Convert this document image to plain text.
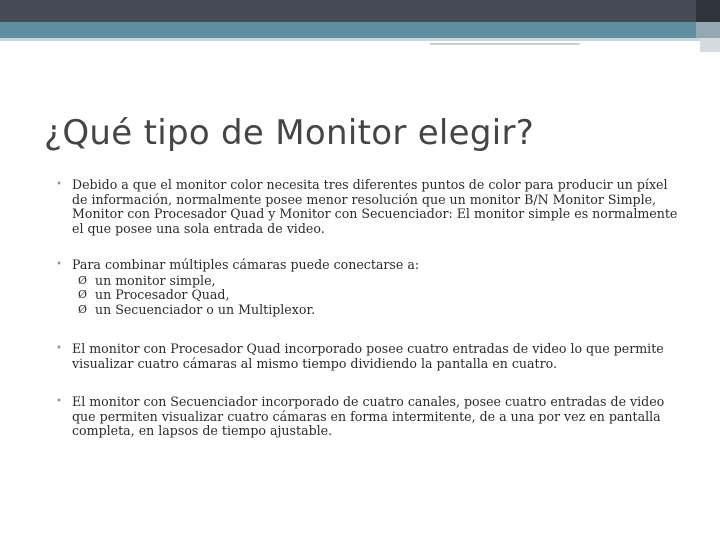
¿Qué tipo de Monitor elegir?

• Debido a que el monitor color necesita tres diferentes puntos de color para producir un píxel de información, normalmente posee menor resolución que un monitor B/N Monitor Simple, Monitor con Procesador Quad y Monitor con Secuenciador: El monitor simple es normalmente el que posee una sola entrada de video.

• Para combinar múltiples cámaras puede conectarse a:

Ø un monitor simple,
Ø un Procesador Quad,
Ø un Secuenciador o un Multiplexor.

• El monitor con Procesador Quad incorporado posee cuatro entradas de video lo que permite visualizar cuatro cámaras al mismo tiempo dividiendo la pantalla en cuatro.

• El monitor con Secuenciador incorporado de cuatro canales, posee cuatro entradas de video que permiten visualizar cuatro cámaras en forma intermitente, de a una por vez en pantalla completa, en lapsos de tiempo ajustable.
